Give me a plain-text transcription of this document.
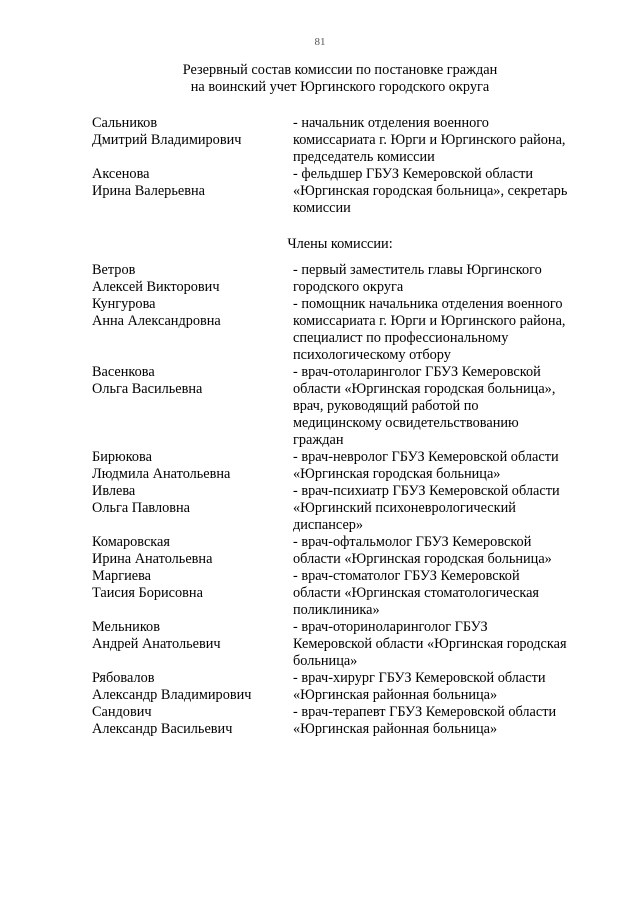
81
Резервный состав комиссии по постановке граждан
на воинский учет Юргинского городского округа
Члены комиссии:
Сальников	- начальник отделения военного
Дмитрий Владимирович	комиссариата г. Юрги и Юргинского района,
председатель комиссии
Аксенова	- фельдшер ГБУЗ Кемеровской области
Ирина Валерьевна	«Юргинская городская больница», секретарь
комиссии
Ветров	- первый заместитель главы Юргинского
Алексей Викторович	городского округа
Кунгурова	- помощник начальника отделения военного
Анна Александровна	комиссариата г. Юрги и Юргинского района,
специалист по профессиональному
психологическому отбору
Васенкова	- врач-отоларинголог ГБУЗ Кемеровской
Ольга Васильевна	области «Юргинская городская больница»,
врач, руководящий работой по
медицинскому освидетельствованию
граждан
Бирюкова	- врач-невролог ГБУЗ Кемеровской области
Людмила Анатольевна	«Юргинская городская больница»
Ивлева	- врач-психиатр ГБУЗ Кемеровской области
Ольга Павловна	«Юргинский психоневрологический
диспансер»
Комаровская	- врач-офтальмолог ГБУЗ Кемеровской
Ирина Анатольевна	области «Юргинская городская больница»
Маргиева	- врач-стоматолог ГБУЗ Кемеровской
Таисия Борисовна	области «Юргинская стоматологическая
поликлиника»
Мельников	- врач-оториноларинголог ГБУЗ
Андрей Анатольевич	Кемеровской области «Юргинская городская
больница»
Рябовалов	- врач-хирург ГБУЗ Кемеровской области
Александр Владимирович	«Юргинская районная больница»
Сандович	- врач-терапевт ГБУЗ Кемеровской области
Александр Васильевич	«Юргинская районная больница»
